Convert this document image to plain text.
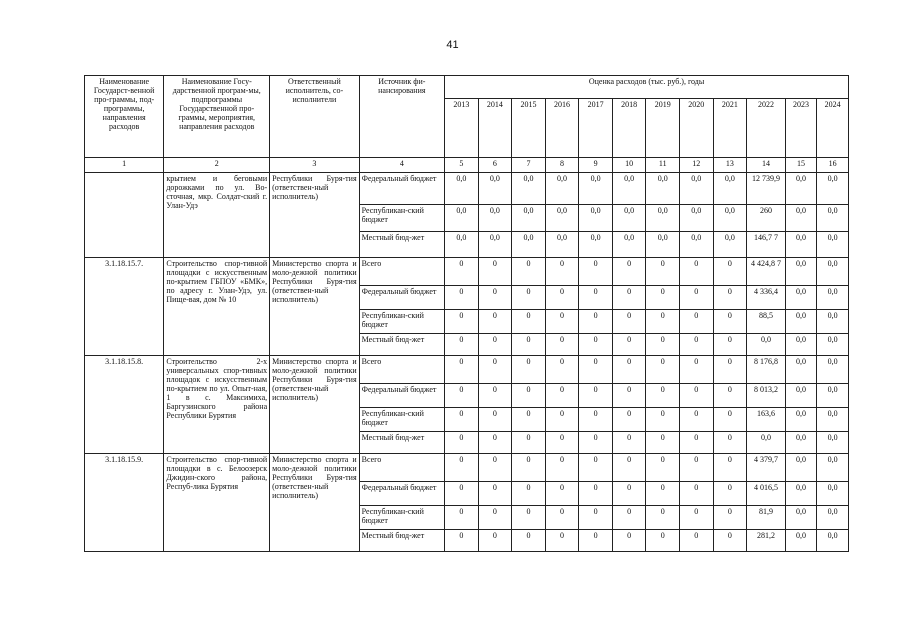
41
Наименование Государст-венной про-граммы, под-программы, направления расходов	Наименование Госу-дарственной програм-мы, подпрограммы Государственной про-граммы, мероприятия, направления расходов	Ответственный исполнитель, со-исполнители	Источник фи-нансирования	Оценка расходов (тыс. руб.), годы											
				2013	2014	2015	2016	2017	2018	2019	2020	2021	2022	2023	2024
1	2	3	4	5	6	7	8	9	10	11	12	13	14	15	16
	крытием и беговыми дорожками по ул. Во-сточная, мкр. Солдат-ский г. Улан-Удэ	Республики Буря-тия (ответствен-ный исполнитель)	Федеральный бюджет	0,0	0,0	0,0	0,0	0,0	0,0	0,0	0,0	0,0	12 739,9	0,0	0,0
			Республикан-ский бюджет	0,0	0,0	0,0	0,0	0,0	0,0	0,0	0,0	0,0	260	0,0	0,0
			Местный бюд-жет	0,0	0,0	0,0	0,0	0,0	0,0	0,0	0,0	0,0	146,7 7	0,0	0,0
3.1.18.15.7.	Строительство спор-тивной площадки с искусственным по-крытием ГБПОУ «БМК», по адресу г. Улан-Удэ, ул. Пище-вая, дом № 10	Министерство спорта и моло-дежной политики Республики Буря-тия (ответствен-ный исполнитель)	Всего	0	0	0	0	0	0	0	0	0	4 424,8 7	0,0	0,0
			Федеральный бюджет	0	0	0	0	0	0	0	0	0	4 336,4	0,0	0,0
			Республикан-ский бюджет	0	0	0	0	0	0	0	0	0	88,5	0,0	0,0
			Местный бюд-жет	0	0	0	0	0	0	0	0	0	0,0	0,0	0,0
3.1.18.15.8.	Строительство 2-х универсальных спор-тивных площадок с искусственным по-крытием по ул. Опыт-ная, 1 в с. Максимиха, Баргузинского района Республики Бурятия	Министерство спорта и моло-дежной политики Республики Буря-тия (ответствен-ный исполнитель)	Всего	0	0	0	0	0	0	0	0	0	8 176,8	0,0	0,0
			Федеральный бюджет	0	0	0	0	0	0	0	0	0	8 013,2	0,0	0,0
			Республикан-ский бюджет	0	0	0	0	0	0	0	0	0	163,6	0,0	0,0
			Местный бюд-жет	0	0	0	0	0	0	0	0	0	0,0	0,0	0,0
3.1.18.15.9.	Строительство спор-тивной площадки в с. Белоозерск Джидин-ского района, Респуб-лика Бурятия	Министерство спорта и моло-дежной политики Республики Буря-тия (ответствен-ный исполнитель)	Всего	0	0	0	0	0	0	0	0	0	4 379,7	0,0	0,0
			Федеральный бюджет	0	0	0	0	0	0	0	0	0	4 016,5	0,0	0,0
			Республикан-ский бюджет	0	0	0	0	0	0	0	0	0	81,9	0,0	0,0
			Местный бюд-жет	0	0	0	0	0	0	0	0	0	281,2	0,0	0,0
